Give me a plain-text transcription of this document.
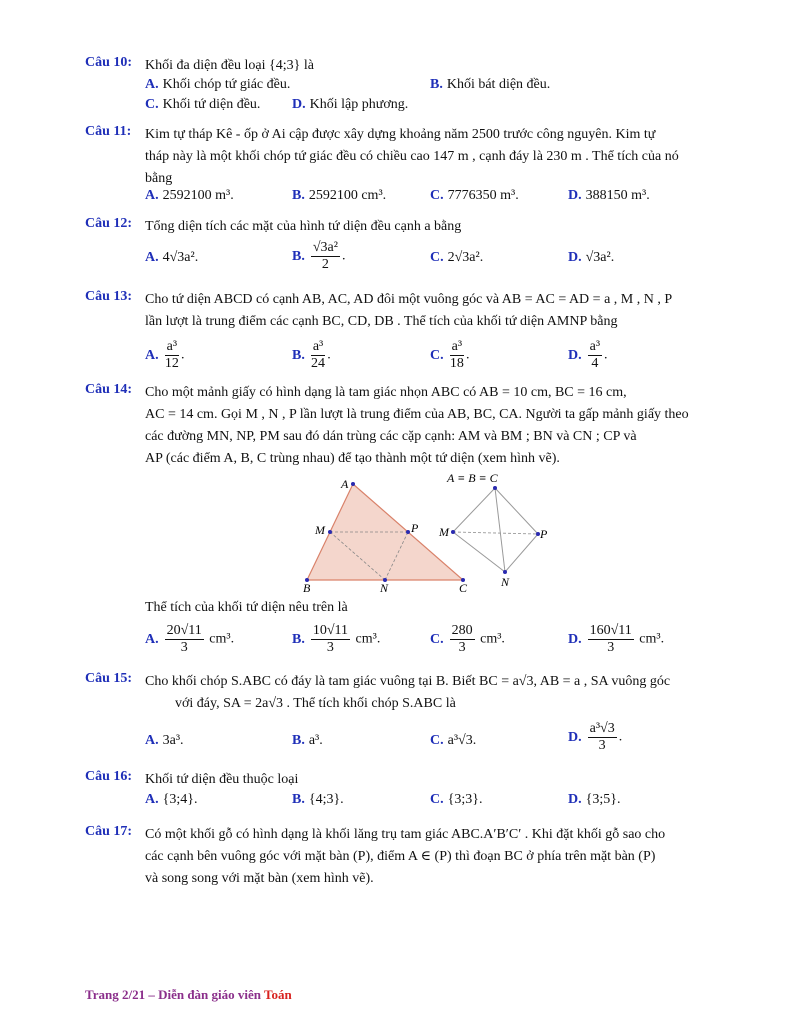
Câu 10: Khối đa diện đều loại {4;3} là
A. Khối chóp tứ giác đều.	B. Khối bát diện đều.
C. Khối tứ diện đều. D. Khối lập phương.
Câu 11: Kim tự tháp Kê - ốp ở Ai cập được xây dựng khoảng năm 2500 trước công nguyên. Kim tự
tháp này là một khối chóp tứ giác đều có chiều cao 147 m , cạnh đáy là 230 m . Thể tích của nó
bằng
A. 2592100 m³.	B. 2592100 cm³.	C. 7776350 m³.	D. 388150 m³.
Câu 12: Tổng diện tích các mặt của hình tứ diện đều cạnh a bằng
A. 4√3a².	B. $\frac{\text{√3a²}}{2}$ .	C. 2√3a².	D. √3a².
Câu 13: Cho tứ diện ABCD có cạnh AB, AC, AD đôi một vuông góc và AB = AC = AD = a , M , N , P
lần lượt là trung điểm các cạnh BC, CD, DB . Thể tích của khối tứ diện AMNP bằng
A. $\frac{\text{a³}}{12}$ .	B. $\frac{\text{a³}}{24}$ .	C. $\frac{\text{a³}}{18}$ .	D. $\frac{\text{a³}}{4}$ .
Câu 14: Cho một mảnh giấy có hình dạng là tam giác nhọn ABC có AB = 10 cm, BC = 16 cm,
AC = 14 cm. Gọi M , N , P lần lượt là trung điểm của AB, BC, CA. Người ta gấp mảnh giấy theo
các đường MN, NP, PM sau đó dán trùng các cặp cạnh: AM và BM ; BN và CN ; CP và
AP (các điểm A, B, C trùng nhau) để tạo thành một tứ diện (xem hình vẽ).
A
B	C
M
N
P
A ≡ B ≡ C
M	P
N
Thể tích của khối tứ diện nêu trên là
A. $\frac{20√11}{3} cm^3$.	B. $\frac{10√11}{3} cm^3$.	C. $\frac{280}{3} cm^3$.	D. $\frac{160√11}{3} cm^3$.
Câu 15: Cho khối chóp S.ABC có đáy là tam giác vuông tại B. Biết BC = a√3, AB = a , SA vuông góc
với đáy, SA = 2a√3 . Thể tích khối chóp S.ABC là
A. 3a³.	B. a³.	C. a³√3.	D. $\frac{\text{a³√3}}{3}$ .
Câu 16: Khối tứ diện đều thuộc loại
A. {3;4}.	B. {4;3}.	C. {3;3}.	D. {3;5}.
Câu 17: Có một khối gỗ có hình dạng là khối lăng trụ tam giác ABC.A′B′C′ . Khi đặt khối gỗ sao cho
các cạnh bên vuông góc với mặt bàn (P), điểm A ∈ (P) thì đoạn BC ở phía trên mặt bàn (P)
và song song với mặt bàn (xem hình vẽ).
Trang 2/21 – Diễn đàn giáo viên Toán
